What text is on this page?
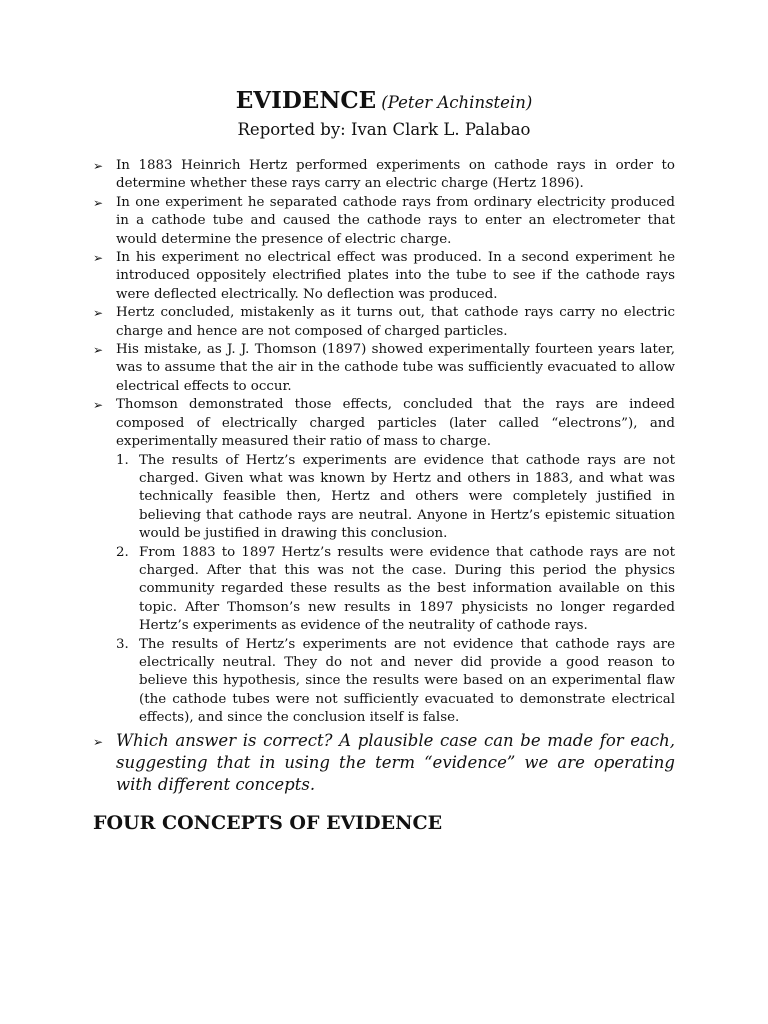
EVIDENCE (Peter Achinstein)
Reported by: Ivan Clark L. Palabao
➢ In 1883 Heinrich Hertz performed experiments on cathode rays in order to determine whether these rays carry an electric charge (Hertz 1896).
➢ In one experiment he separated cathode rays from ordinary electricity produced in a cathode tube and caused the cathode rays to enter an electrometer that would determine the presence of electric charge.
➢ In his experiment no electrical effect was produced. In a second experiment he introduced oppositely electrified plates into the tube to see if the cathode rays were deflected electrically. No deflection was produced.
➢ Hertz concluded, mistakenly as it turns out, that cathode rays carry no electric charge and hence are not composed of charged particles.
➢ His mistake, as J. J. Thomson (1897) showed experimentally fourteen years later, was to assume that the air in the cathode tube was sufficiently evacuated to allow electrical effects to occur.
➢ Thomson demonstrated those effects, concluded that the rays are indeed composed of electrically charged particles (later called “electrons”), and experimentally measured their ratio of mass to charge.
1. The results of Hertz’s experiments are evidence that cathode rays are not charged. Given what was known by Hertz and others in 1883, and what was technically feasible then, Hertz and others were completely justified in believing that cathode rays are neutral. Anyone in Hertz’s epistemic situation would be justified in drawing this conclusion.
2. From 1883 to 1897 Hertz’s results were evidence that cathode rays are not charged. After that this was not the case. During this period the physics community regarded these results as the best information available on this topic. After Thomson’s new results in 1897 physicists no longer regarded Hertz’s experiments as evidence of the neutrality of cathode rays.
3. The results of Hertz’s experiments are not evidence that cathode rays are electrically neutral. They do not and never did provide a good reason to believe this hypothesis, since the results were based on an experimental flaw (the cathode tubes were not sufficiently evacuated to demonstrate electrical effects), and since the conclusion itself is false.
➢ Which answer is correct? A plausible case can be made for each, suggesting that in using the term “evidence” we are operating with different concepts.
FOUR CONCEPTS OF EVIDENCE
